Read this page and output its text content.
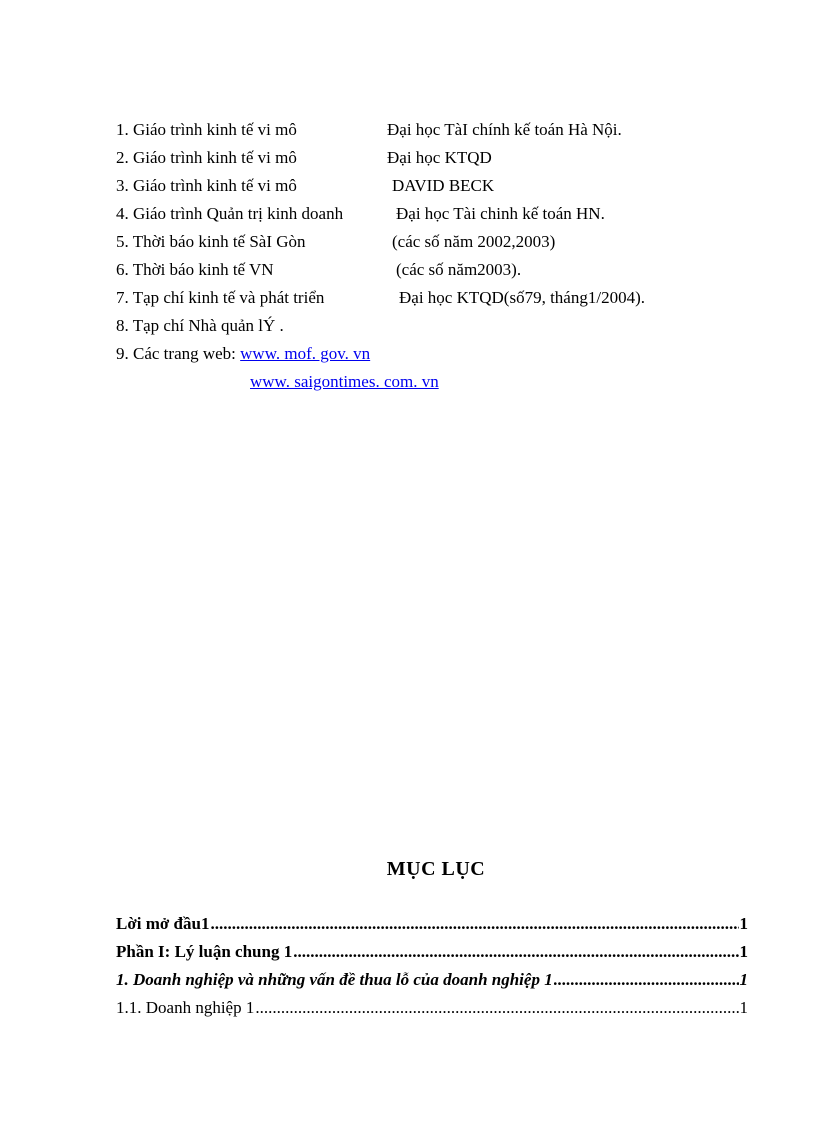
1. Giáo trình kinh tế vi mô	Đại học TàI chính kế toán Hà Nội.
2. Giáo trình kinh tế vi mô	Đại học KTQD
3. Giáo trình kinh tế vi mô	DAVID BECK
4. Giáo trình Quản trị kinh doanh	Đại học Tài chinh kế toán HN.
5. Thời báo kinh tế SàI Gòn	(các số năm 2002,2003)
6. Thời báo kinh tế VN	(các số năm2003).
7. Tạp chí kinh tế và phát triển	Đại học KTQD(số79, tháng1/2004).
8. Tạp chí Nhà quản lÝ .
9. Các trang web: www. mof. gov. vn
www. saigontimes. com. vn
MỤC LỤC
Lời mở đầu1 .....	1
Phần I: Lý luận chung 1 .....	1
1. Doanh nghiệp và những vấn đề thua lỗ của doanh nghiệp 1 .....	1
1.1. Doanh nghiệp 1 .....	1
